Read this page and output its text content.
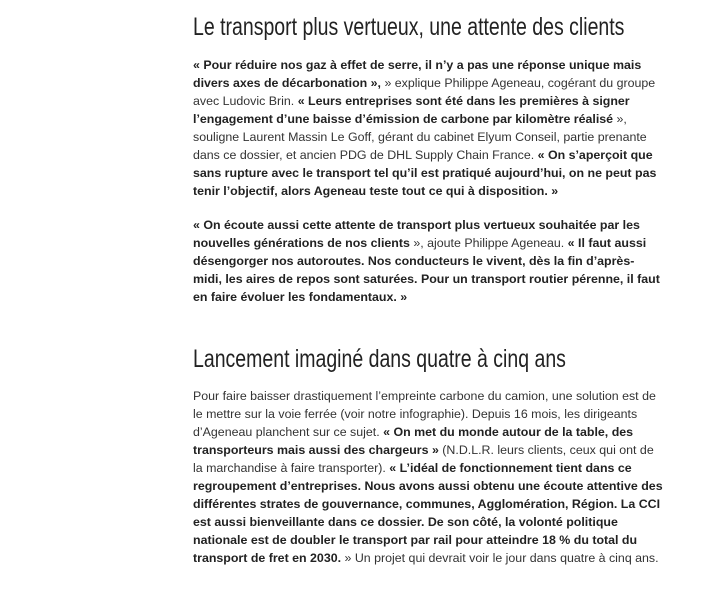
Le transport plus vertueux, une attente des clients

« Pour réduire nos gaz à effet de serre, il n’y a pas une réponse unique mais divers axes de décarbonation », » explique Philippe Ageneau, cogérant du groupe avec Ludovic Brin. « Leurs entreprises sont été dans les premières à signer l’engagement d’une baisse d’émission de carbone par kilomètre réalisé », souligne Laurent Massin Le Goff, gérant du cabinet Elyum Conseil, partie prenante dans ce dossier, et ancien PDG de DHL Supply Chain France. « On s’aperçoit que sans rupture avec le transport tel qu’il est pratiqué aujourd’hui, on ne peut pas tenir l’objectif, alors Ageneau teste tout ce qui à disposition. »

« On écoute aussi cette attente de transport plus vertueux souhaitée par les nouvelles générations de nos clients », ajoute Philippe Ageneau. « Il faut aussi désengorger nos autoroutes. Nos conducteurs le vivent, dès la fin d’après-midi, les aires de repos sont saturées. Pour un transport routier pérenne, il faut en faire évoluer les fondamentaux. »

Lancement imaginé dans quatre à cinq ans

Pour faire baisser drastiquement l’empreinte carbone du camion, une solution est de le mettre sur la voie ferrée (voir notre infographie). Depuis 16 mois, les dirigeants d’Ageneau planchent sur ce sujet. « On met du monde autour de la table, des transporteurs mais aussi des chargeurs » (N.D.L.R. leurs clients, ceux qui ont de la marchandise à faire transporter). « L’idéal de fonctionnement tient dans ce regroupement d’entreprises. Nous avons aussi obtenu une écoute attentive des différentes strates de gouvernance, communes, Agglomération, Région. La CCI est aussi bienveillante dans ce dossier. De son côté, la volonté politique nationale est de doubler le transport par rail pour atteindre 18 % du total du transport de fret en 2030. » Un projet qui devrait voir le jour dans quatre à cinq ans.
